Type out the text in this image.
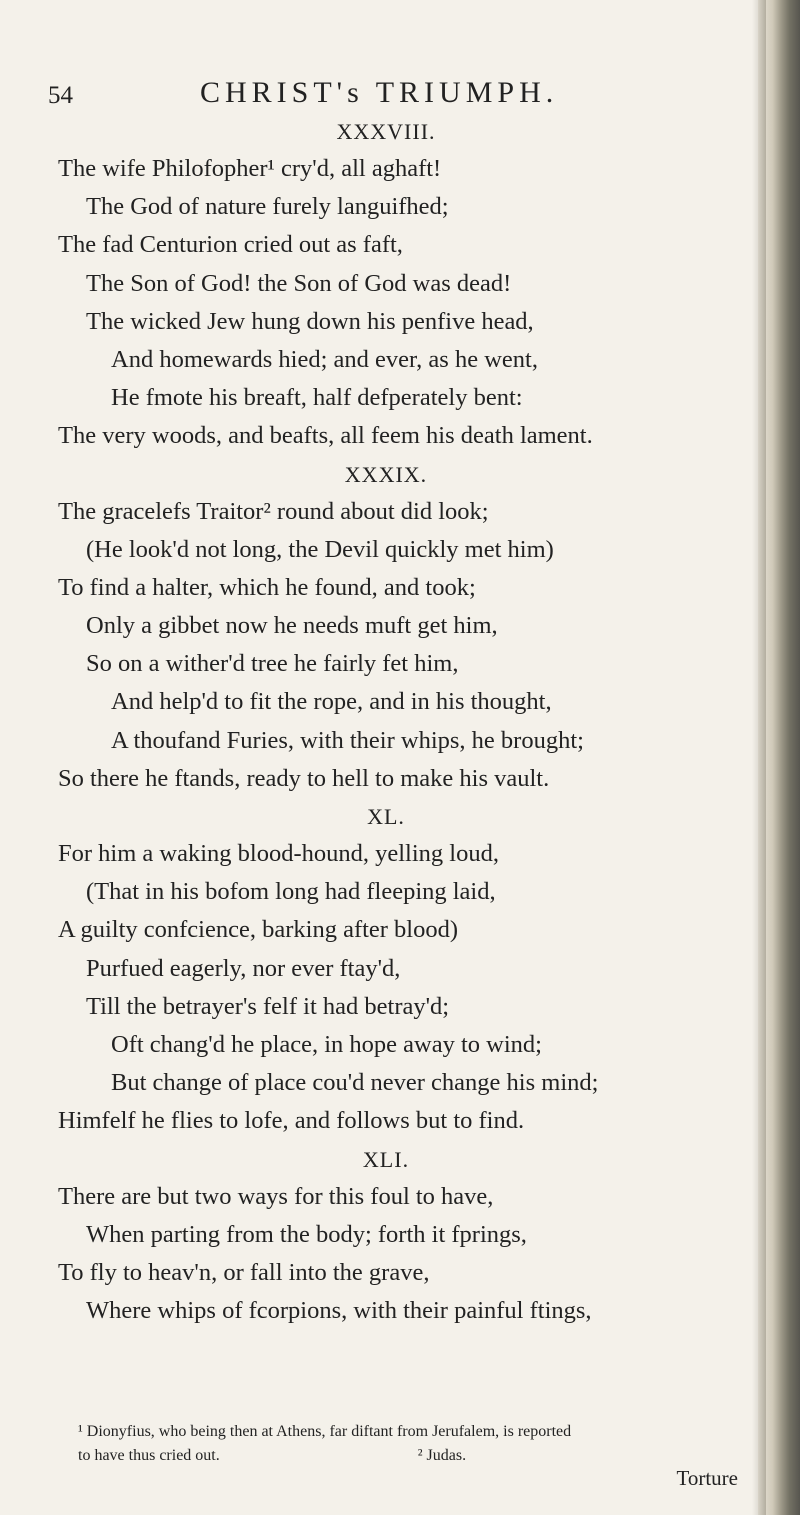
54	CHRIST's TRIUMPH.
XXXVIII.
The wife Philofopher¹ cry'd, all aghaft!
The God of nature furely languifhed;
The fad Centurion cried out as faft,
The Son of God! the Son of God was dead!
The wicked Jew hung down his penfive head,
And homewards hied; and ever, as he went,
He fmote his breaft, half defperately bent:
The very woods, and beafts, all feem his death lament.
XXXIX.
The gracelefs Traitor² round about did look;
(He look'd not long, the Devil quickly met him)
To find a halter, which he found, and took;
Only a gibbet now he needs muft get him,
So on a wither'd tree he fairly fet him,
And help'd to fit the rope, and in his thought,
A thoufand Furies, with their whips, he brought;
So there he ftands, ready to hell to make his vault.
XL.
For him a waking blood-hound, yelling loud,
(That in his bofom long had fleeping laid,
A guilty confcience, barking after blood)
Purfued eagerly, nor ever ftay'd,
Till the betrayer's felf it had betray'd;
Oft chang'd he place, in hope away to wind;
But change of place cou'd never change his mind;
Himfelf he flies to lofe, and follows but to find.
XLI.
There are but two ways for this foul to have,
When parting from the body; forth it fprings,
To fly to heav'n, or fall into the grave,
Where whips of fcorpions, with their painful ftings,
¹ Dionyfius, who being then at Athens, far diftant from Jerufalem, is reported
to have thus cried out.	² Judas.
Torture
